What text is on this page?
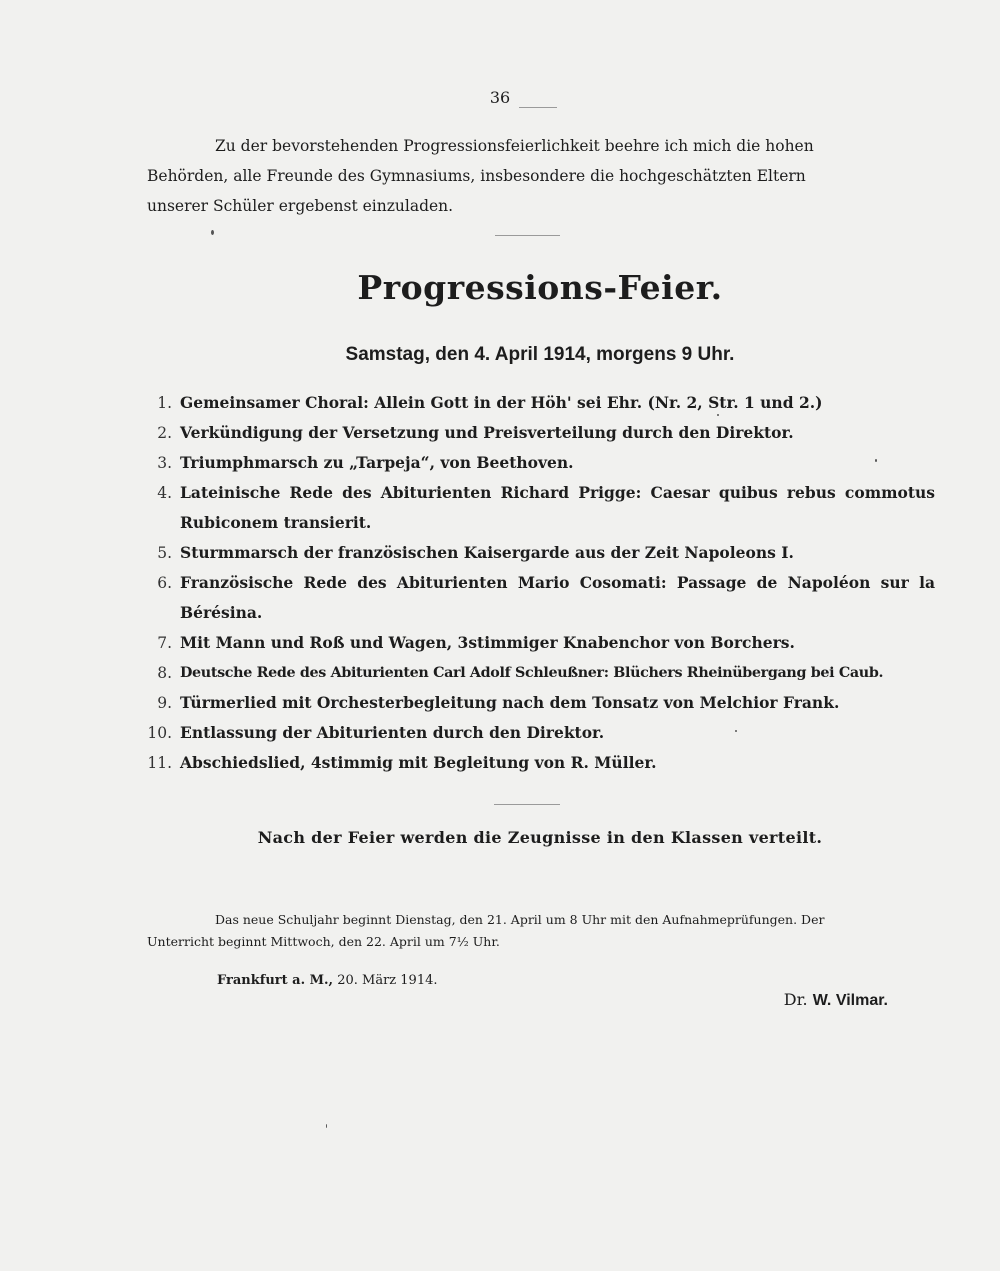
36
Zu der bevorstehenden Progressionsfeierlichkeit beehre ich mich die hohen
Behörden, alle Freunde des Gymnasiums, insbesondere die hochgeschätzten Eltern
unserer Schüler ergebenst einzuladen.
Progressions-Feier.
Samstag, den 4. April 1914, morgens 9 Uhr.
1. Gemeinsamer Choral: Allein Gott in der Höh' sei Ehr. (Nr. 2, Str. 1 und 2.)
2. Verkündigung der Versetzung und Preisverteilung durch den Direktor.
3. Triumphmarsch zu „Tarpeja“, von Beethoven.
4. Lateinische Rede des Abiturienten Richard Prigge: Caesar quibus rebus commotus
Rubiconem transierit.
5. Sturmmarsch der französischen Kaisergarde aus der Zeit Napoleons I.
6. Französische Rede des Abiturienten Mario Cosomati: Passage de Napoléon sur la
Bérésina.
7. Mit Mann und Roß und Wagen, 3stimmiger Knabenchor von Borchers.
8. Deutsche Rede des Abiturienten Carl Adolf Schleußner: Blüchers Rheinübergang bei Caub.
9. Türmerlied mit Orchesterbegleitung nach dem Tonsatz von Melchior Frank.
10. Entlassung der Abiturienten durch den Direktor.
11. Abschiedslied, 4stimmig mit Begleitung von R. Müller.
Nach der Feier werden die Zeugnisse in den Klassen verteilt.
Das neue Schuljahr beginnt Dienstag, den 21. April um 8 Uhr mit den Aufnahmeprüfungen. Der
Unterricht beginnt Mittwoch, den 22. April um 7½ Uhr.
Frankfurt a. M., 20. März 1914.
Dr. W. Vilmar.
